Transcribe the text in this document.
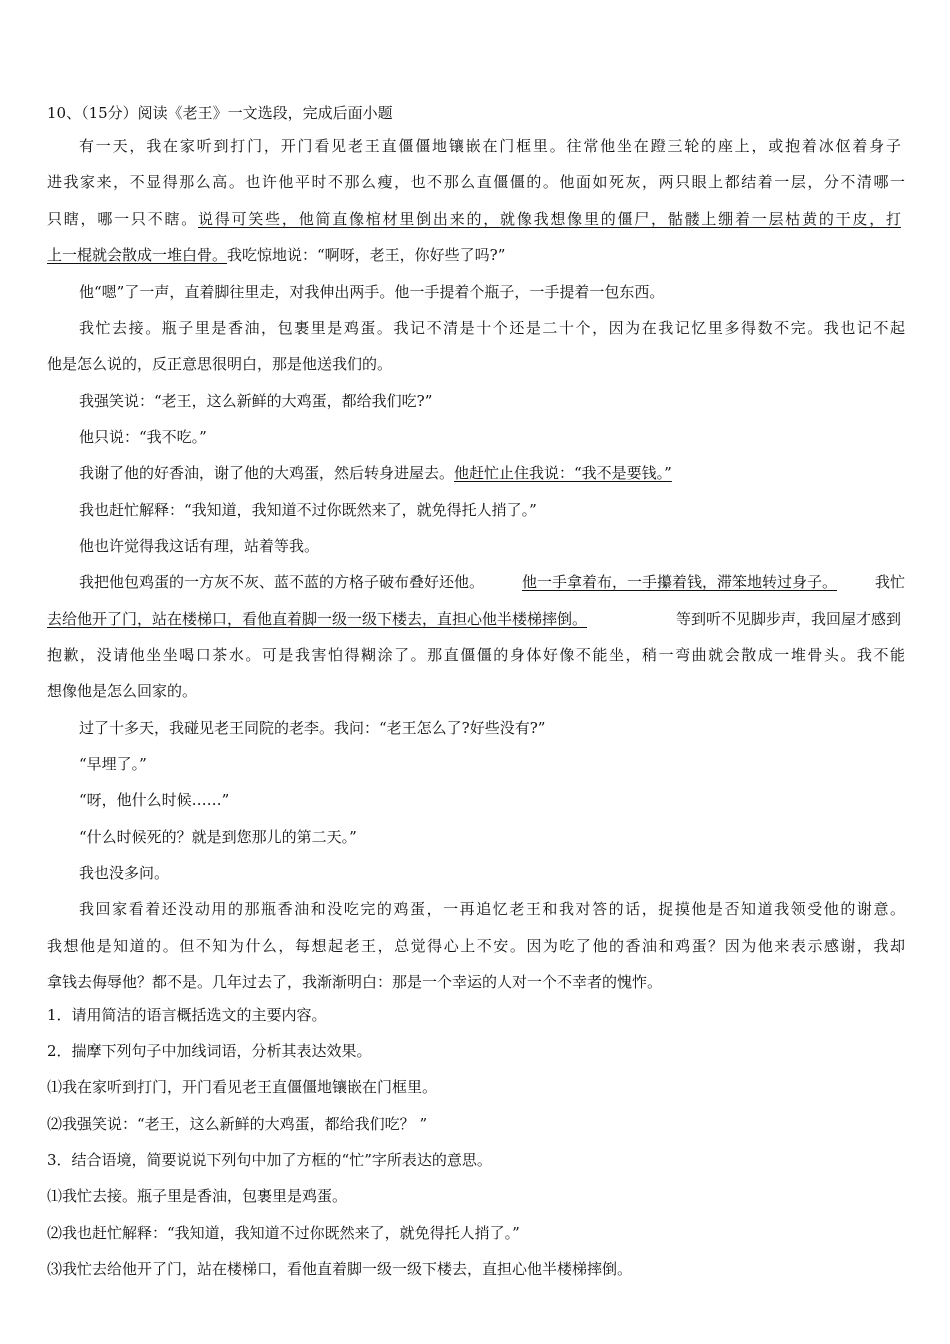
10、（15分）阅读《老王》一文选段，完成后面小题
有一天，我在家听到打门，开门看见老王直僵僵地镶嵌在门框里。往常他坐在蹬三轮的座上，或抱着冰伛着身子
进我家来，不显得那么高。也许他平时不那么瘦，也不那么直僵僵的。他面如死灰，两只眼上都结着一层，分不清哪一
只瞎，哪一只不瞎。说得可笑些，他简直像棺材里倒出来的，就像我想像里的僵尸，骷髅上绷着一层枯黄的干皮，打
上一棍就会散成一堆白骨。我吃惊地说：“啊呀，老王，你好些了吗?”
他“嗯”了一声，直着脚往里走，对我伸出两手。他一手提着个瓶子，一手提着一包东西。
我忙去接。瓶子里是香油，包裹里是鸡蛋。我记不清是十个还是二十个，因为在我记忆里多得数不完。我也记不起
他是怎么说的，反正意思很明白，那是他送我们的。
我强笑说：“老王，这么新鲜的大鸡蛋，都给我们吃?”
他只说：“我不吃。”
我谢了他的好香油，谢了他的大鸡蛋，然后转身进屋去。他赶忙止住我说：“我不是要钱。”
我也赶忙解释：“我知道，我知道不过你既然来了，就免得托人捎了。”
他也许觉得我这话有理，站着等我。
我把他包鸡蛋的一方灰不灰、蓝不蓝的方格子破布叠好还他。	他一手拿着布，一手攥着钱，滞笨地转过身子。	我忙
去给他开了门，站在楼梯口，看他直着脚一级一级下楼去，直担心他半楼梯摔倒。	等到听不见脚步声，我回屋才感到
抱歉，没请他坐坐喝口茶水。可是我害怕得糊涂了。那直僵僵的身体好像不能坐，稍一弯曲就会散成一堆骨头。我不能
想像他是怎么回家的。
过了十多天，我碰见老王同院的老李。我问：“老王怎么了?好些没有?”
“早埋了。”
“呀，他什么时候……”
“什么时候死的？就是到您那儿的第二天。”
我也没多问。
我回家看着还没动用的那瓶香油和没吃完的鸡蛋，一再追忆老王和我对答的话，捉摸他是否知道我领受他的谢意。
我想他是知道的。但不知为什么，每想起老王，总觉得心上不安。因为吃了他的香油和鸡蛋？因为他来表示感谢，我却
拿钱去侮辱他？都不是。几年过去了，我渐渐明白：那是一个幸运的人对一个不幸者的愧怍。
1．请用简洁的语言概括选文的主要内容。
2．揣摩下列句子中加线词语，分析其表达效果。
⑴我在家听到打门，开门看见老王直僵僵地镶嵌在门框里。
⑵我强笑说：“老王，这么新鲜的大鸡蛋，都给我们吃？ ”
3．结合语境，简要说说下列句中加了方框的“忙”字所表达的意思。
⑴我忙去接。瓶子里是香油，包裹里是鸡蛋。
⑵我也赶忙解释：“我知道，我知道不过你既然来了，就免得托人捎了。”
⑶我忙去给他开了门，站在楼梯口，看他直着脚一级一级下楼去，直担心他半楼梯摔倒。
